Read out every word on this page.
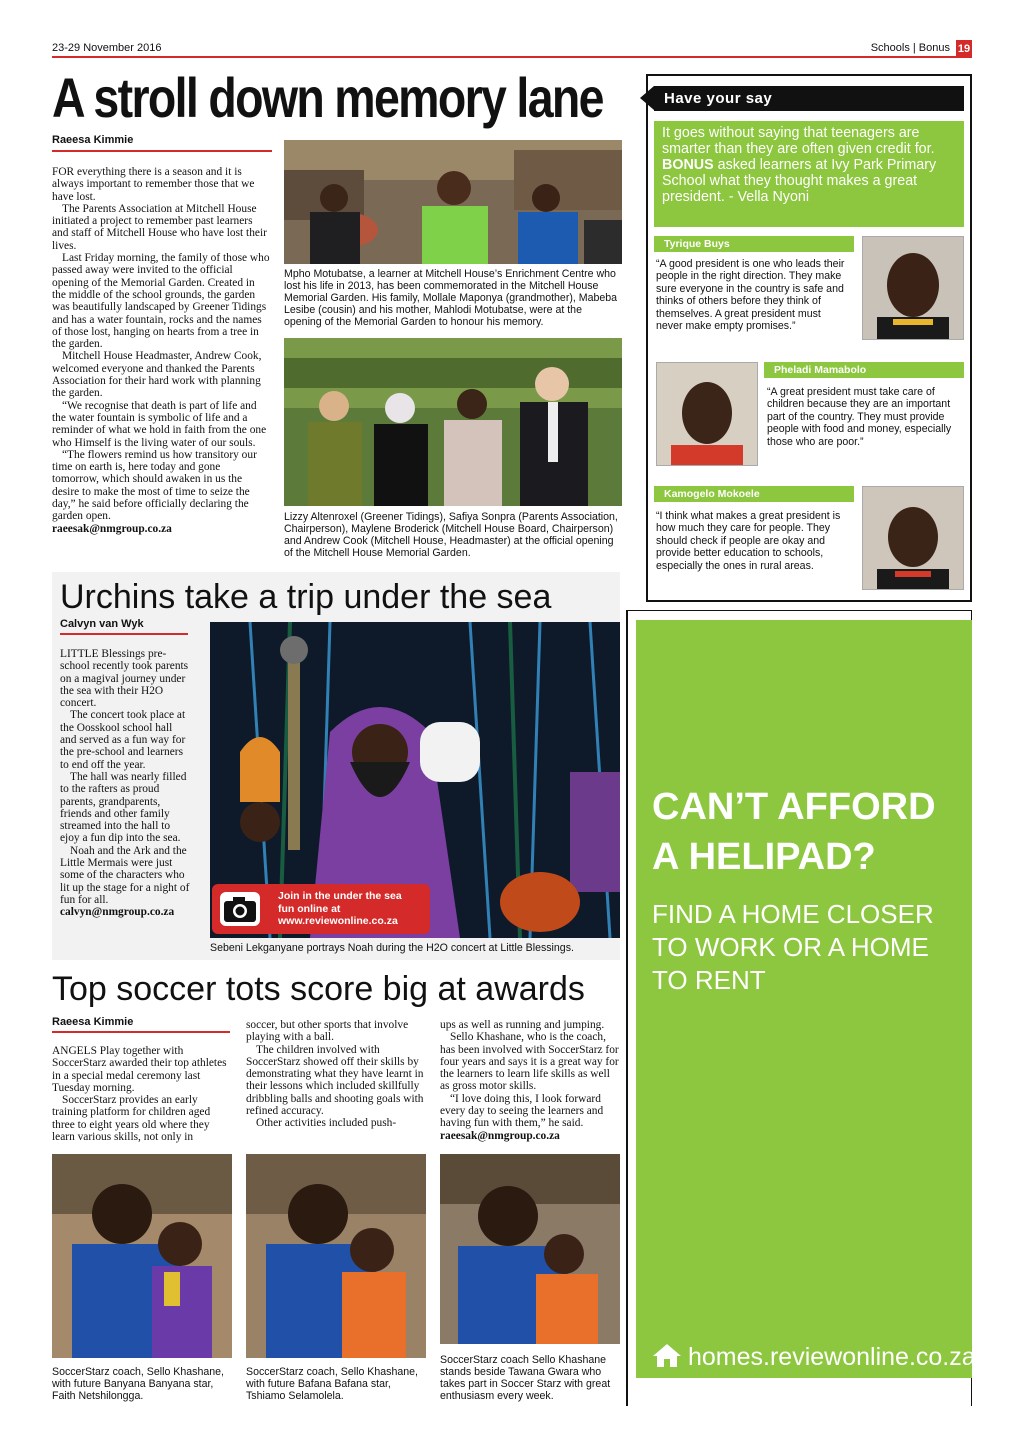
23-29 November 2016	Schools | Bonus 19
A stroll down memory lane
Raeesa Kimmie

FOR everything there is a season and it is always important to remember those that we have lost.

The Parents Association at Mitchell House initiated a project to remember past learners and staff of Mitchell House who have lost their lives.

Last Friday morning, the family of those who passed away were invited to the official opening of the Memorial Garden. Created in the middle of the school grounds, the garden was beautifully landscaped by Greener Tidings and has a water fountain, rocks and the names of those lost, hanging on hearts from a tree in the garden.

Mitchell House Headmaster, Andrew Cook, welcomed everyone and thanked the Parents Association for their hard work with planning the garden.

“We recognise that death is part of life and the water fountain is symbolic of life and a reminder of what we hold in faith from the one who Himself is the living water of our souls.

“The flowers remind us how transitory our time on earth is, here today and gone tomorrow, which should awaken in us the desire to make the most of time to seize the day,” he said before officially declaring the garden open.

raeesak@nmgroup.co.za
Mpho Motubatse, a learner at Mitchell House’s Enrichment Centre who lost his life in 2013, has been commemorated in the Mitchell House Memorial Garden. His family, Mollale Maponya (grandmother), Mabeba Lesibe (cousin) and his mother, Mahlodi Motubatse, were at the opening of the Memorial Garden to honour his memory.
Lizzy Altenroxel (Greener Tidings), Safiya Sonpra (Parents Association, Chairperson), Maylene Broderick (Mitchell House Board, Chairperson) and Andrew Cook (Mitchell House, Headmaster) at the official opening of the Mitchell House Memorial Garden.
Have your say
It goes without saying that teenagers are smarter than they are often given credit for.
BONUS asked learners at Ivy Park Primary School what they thought makes a great president. - Vella Nyoni
Tyrique Buys
“A good president is one who leads their people in the right direction. They make sure everyone in the country is safe and thinks of others before they think of themselves. A great president must never make empty promises.”
Pheladi Mamabolo
“A great president must take care of children because they are an important part of the country. They must provide people with food and money, especially those who are poor.”
Kamogelo Mokoele
“I think what makes a great president is how much they care for people. They should check if people are okay and provide better education to schools, especially the ones in rural areas.
Urchins take a trip under the sea
Calvyn van Wyk

LITTLE Blessings pre-school recently took parents on a magival journey under the sea with their H2O concert.

The concert took place at the Oosskool school hall and served as a fun way for the pre-school and learners to end off the year.

The hall was nearly filled to the rafters as proud parents, grandparents, friends and other family streamed into the hall to ejoy a fun dip into the sea.

Noah and the Ark and the Little Mermais were just some of the characters who lit up the stage for a night of fun for all.

calvyn@nmgroup.co.za
Join in the under the sea
fun online at
www.reviewonline.co.za
Sebeni Lekganyane portrays Noah during the H2O concert at Little Blessings.
Top soccer tots score big at awards
Raeesa Kimmie

ANGELS Play together with SoccerStarz awarded their top athletes in a special medal ceremony last Tuesday morning.

SoccerStarz provides an early training platform for children aged three to eight years old where they learn various skills, not only in

soccer, but other sports that involve playing with a ball.

The children involved with SoccerStarz showed off their skills by demonstrating what they have learnt in their lessons which included skillfully dribbling balls and shooting goals with refined accuracy.

Other activities included push-

ups as well as running and jumping.

Sello Khashane, who is the coach, has been involved with SoccerStarz for four years and says it is a great way for the learners to learn life skills as well as gross motor skills.

“I love doing this, I look forward every day to seeing the learners and having fun with them,” he said.

raeesak@nmgroup.co.za
SoccerStarz coach, Sello Khashane, with future Banyana Banyana star, Faith Netshilongga.
SoccerStarz coach, Sello Khashane, with future Bafana Bafana star, Tshiamo Selamolela.
SoccerStarz coach Sello Khashane stands beside Tawana Gwara who takes part in Soccer Starz with great enthusiasm every week.
CAN’T AFFORD
A HELIPAD?
FIND A HOME CLOSER
TO WORK OR A HOME
TO RENT
homes.reviewonline.co.za
